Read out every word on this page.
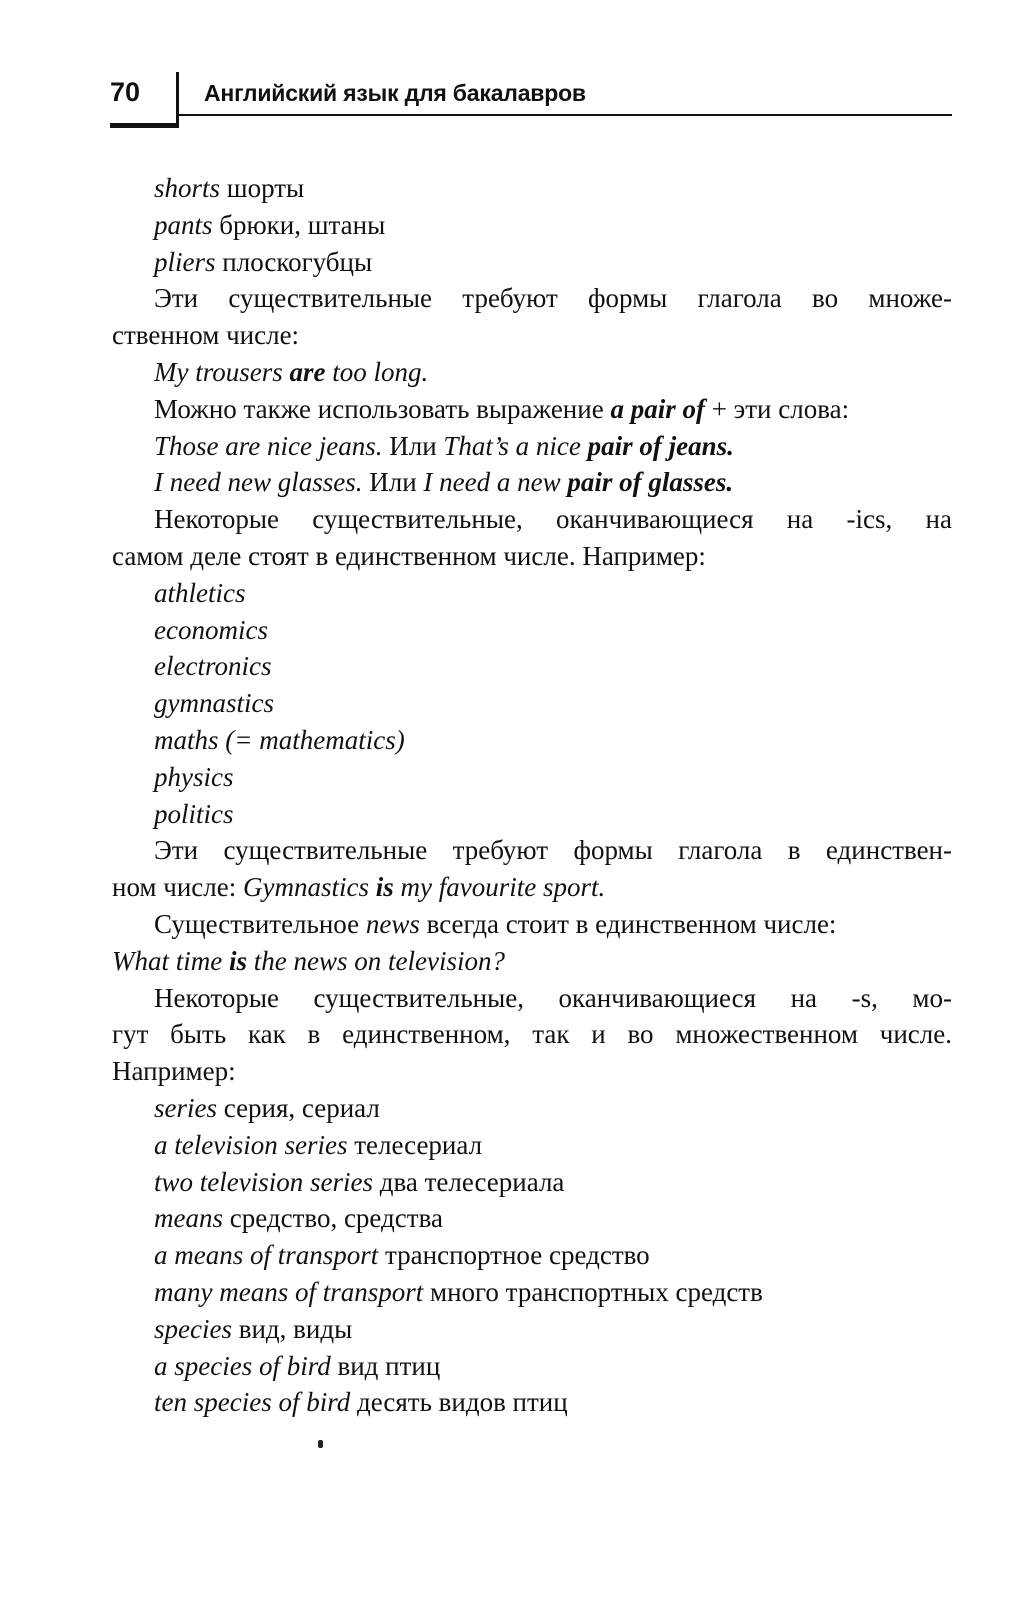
70	Английский язык для бакалавров
shorts шорты
pants брюки, штаны
pliers плоскогубцы
Эти существительные требуют формы глагола во множе-
ственном числе:
My trousers are too long.
Можно также использовать выражение a pair of + эти слова:
Those are nice jeans. Или That’s a nice pair of jeans.
I need new glasses. Или I need a new pair of glasses.
Некоторые существительные, оканчивающиеся на -ics, на
самом деле стоят в единственном числе. Например:
athletics
economics
electronics
gymnastics
maths (= mathematics)
physics
politics
Эти существительные требуют формы глагола в единствен-
ном числе: Gymnastics is my favourite sport.
Существительное news всегда стоит в единственном числе:
What time is the news on television?
Некоторые существительные, оканчивающиеся на -s, мо-
гут быть как в единственном, так и во множественном числе.
Например:
series серия, сериал
a television series телесериал
two television series два телесериала
means средство, средства
a means of transport транспортное средство
many means of transport много транспортных средств
species вид, виды
a species of bird вид птиц
ten species of bird десять видов птиц
